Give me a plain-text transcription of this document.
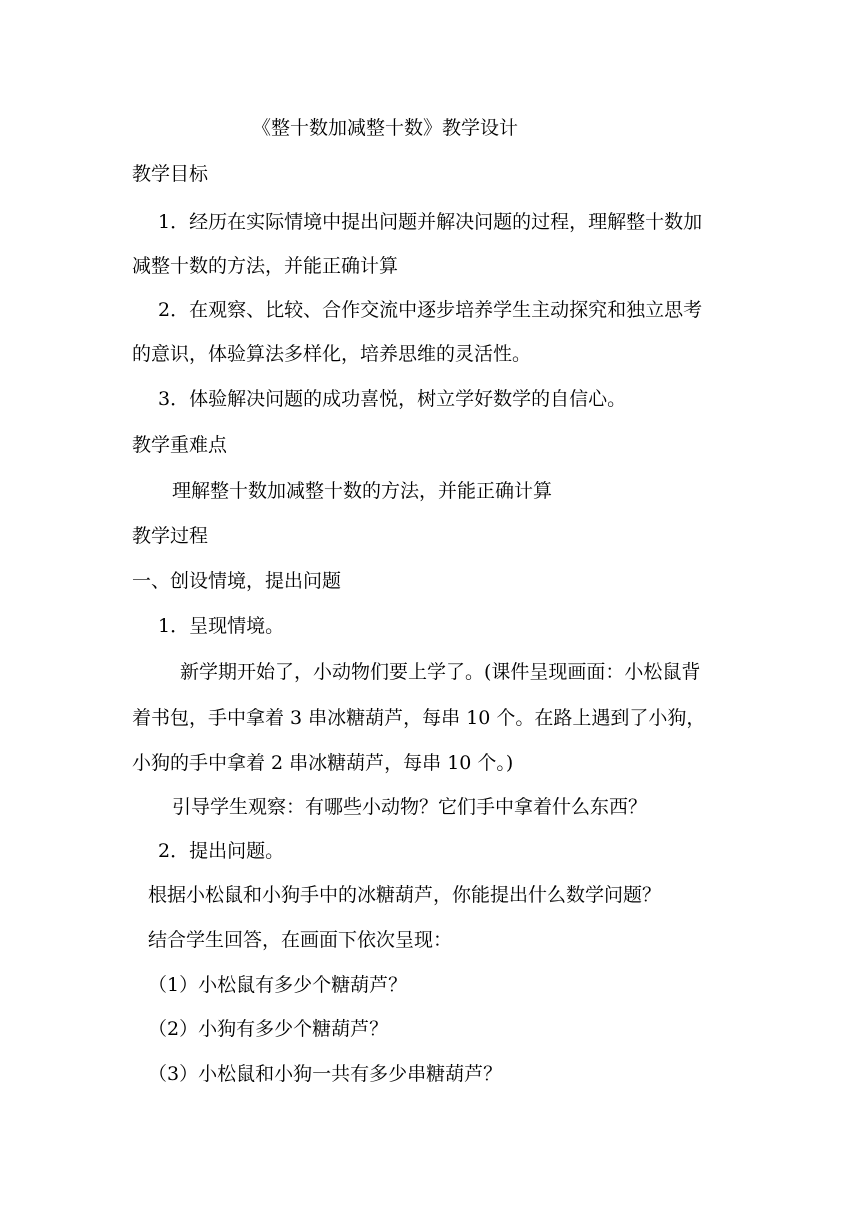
《整十数加减整十数》教学设计
教学目标
1．经历在实际情境中提出问题并解决问题的过程，理解整十数加
减整十数的方法，并能正确计算
2．在观察、比较、合作交流中逐步培养学生主动探究和独立思考
的意识，体验算法多样化，培养思维的灵活性。
3．体验解决问题的成功喜悦，树立学好数学的自信心。
教学重难点
理解整十数加减整十数的方法，并能正确计算
教学过程
一、创设情境，提出问题
1．呈现情境。
新学期开始了，小动物们要上学了。(课件呈现画面：小松鼠背
着书包，手中拿着 3 串冰糖葫芦，每串 10 个。在路上遇到了小狗，
小狗的手中拿着 2 串冰糖葫芦，每串 10 个。)
引导学生观察：有哪些小动物？它们手中拿着什么东西？
2．提出问题。
根据小松鼠和小狗手中的冰糖葫芦，你能提出什么数学问题？
结合学生回答，在画面下依次呈现：
（1）小松鼠有多少个糖葫芦？
（2）小狗有多少个糖葫芦？
（3）小松鼠和小狗一共有多少串糖葫芦？
